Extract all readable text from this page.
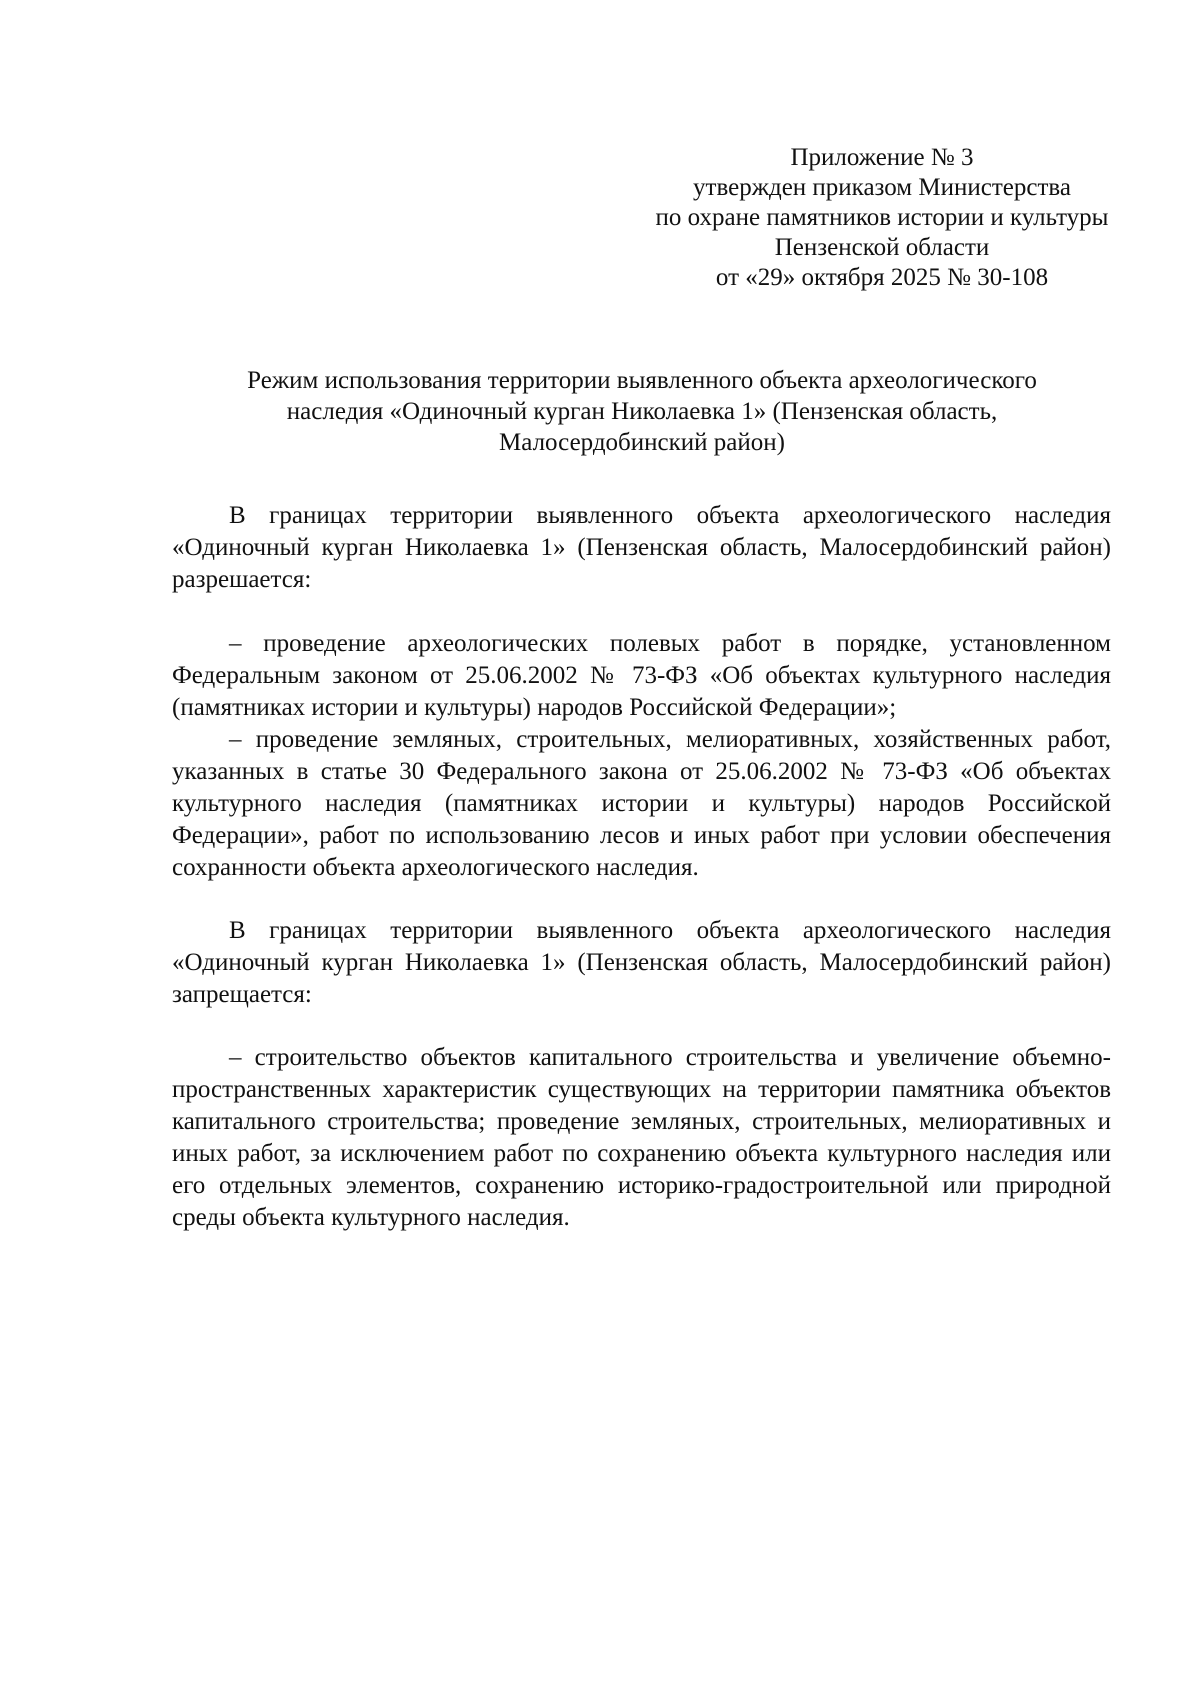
Приложение № 3
утвержден приказом Министерства
по охране памятников истории и культуры
Пензенской области
от «29» октября 2025 № 30-108
Режим использования территории выявленного объекта археологического
наследия «Одиночный курган Николаевка 1» (Пензенская область,
Малосердобинский район)

В границах территории выявленного объекта археологического наследия «Одиночный курган Николаевка 1» (Пензенская область, Малосердобинский район) разрешается:

– проведение археологических полевых работ в порядке, установленном Федеральным законом от 25.06.2002 № 73-ФЗ «Об объектах культурного наследия (памятниках истории и культуры) народов Российской Федерации»;

– проведение земляных, строительных, мелиоративных, хозяйственных работ, указанных в статье 30 Федерального закона от 25.06.2002 № 73-ФЗ «Об объектах культурного наследия (памятниках истории и культуры) народов Российской Федерации», работ по использованию лесов и иных работ при условии обеспечения сохранности объекта археологического наследия.

В границах территории выявленного объекта археологического наследия «Одиночный курган Николаевка 1» (Пензенская область, Малосердобинский район) запрещается:

– строительство объектов капитального строительства и увеличение объемно-пространственных характеристик существующих на территории памятника объектов капитального строительства; проведение земляных, строительных, мелиоративных и иных работ, за исключением работ по сохранению объекта культурного наследия или его отдельных элементов, сохранению историко-градостроительной или природной среды объекта культурного наследия.
